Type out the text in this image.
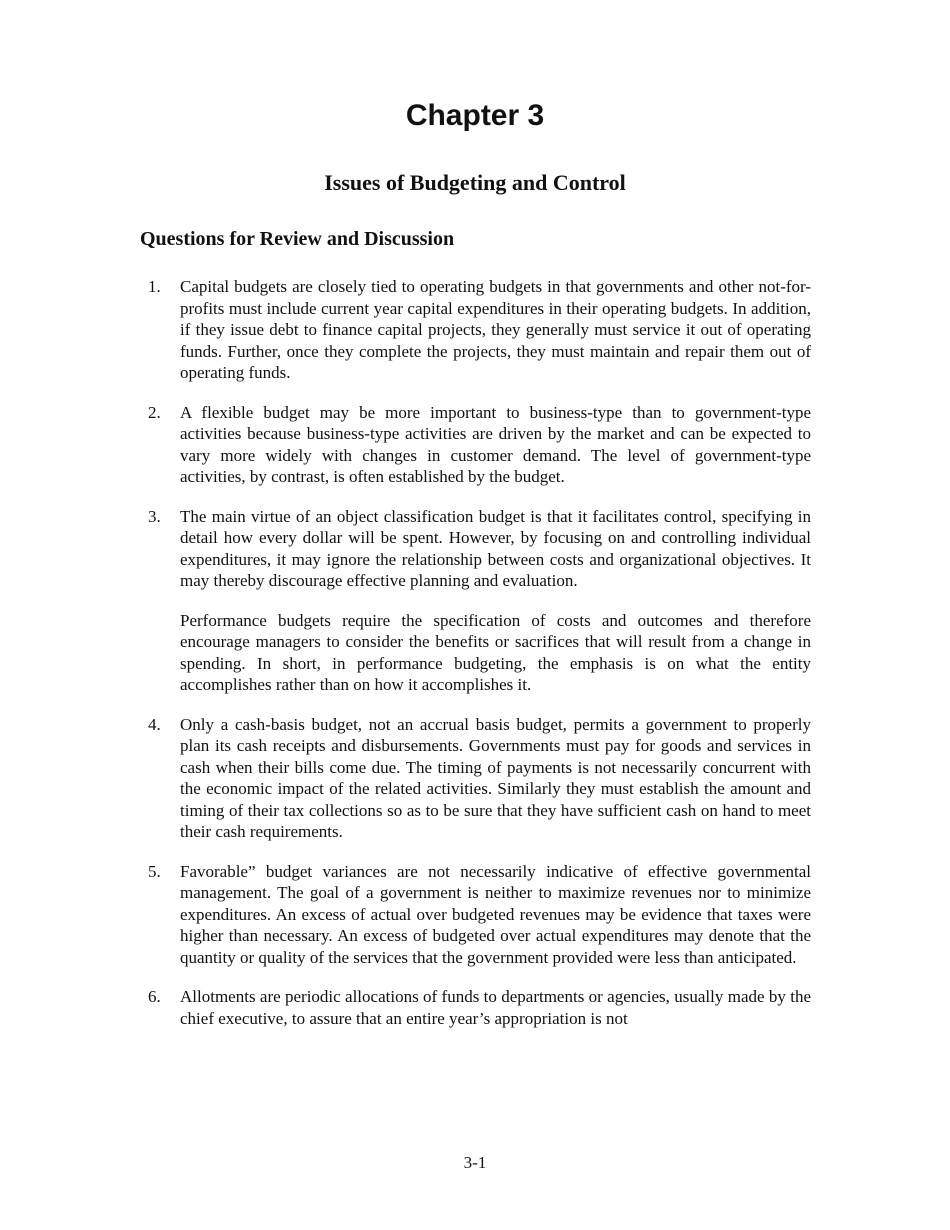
Chapter 3
Issues of Budgeting and Control
Questions for Review and Discussion
1. Capital budgets are closely tied to operating budgets in that governments and other not-for-profits must include current year capital expenditures in their operating budgets. In addition, if they issue debt to finance capital projects, they generally must service it out of operating funds. Further, once they complete the projects, they must maintain and repair them out of operating funds.

2. A flexible budget may be more important to business-type than to government-type activities because business-type activities are driven by the market and can be expected to vary more widely with changes in customer demand. The level of government-type activities, by contrast, is often established by the budget.

3. The main virtue of an object classification budget is that it facilitates control, specifying in detail how every dollar will be spent. However, by focusing on and controlling individual expenditures, it may ignore the relationship between costs and organizational objectives. It may thereby discourage effective planning and evaluation.

Performance budgets require the specification of costs and outcomes and therefore encourage managers to consider the benefits or sacrifices that will result from a change in spending. In short, in performance budgeting, the emphasis is on what the entity accomplishes rather than on how it accomplishes it.

4. Only a cash-basis budget, not an accrual basis budget, permits a government to properly plan its cash receipts and disbursements. Governments must pay for goods and services in cash when their bills come due. The timing of payments is not necessarily concurrent with the economic impact of the related activities. Similarly they must establish the amount and timing of their tax collections so as to be sure that they have sufficient cash on hand to meet their cash requirements.

5. Favorable” budget variances are not necessarily indicative of effective governmental management. The goal of a government is neither to maximize revenues nor to minimize expenditures. An excess of actual over budgeted revenues may be evidence that taxes were higher than necessary. An excess of budgeted over actual expenditures may denote that the quantity or quality of the services that the government provided were less than anticipated.

6. Allotments are periodic allocations of funds to departments or agencies, usually made by the chief executive, to assure that an entire year’s appropriation is not

3-1
